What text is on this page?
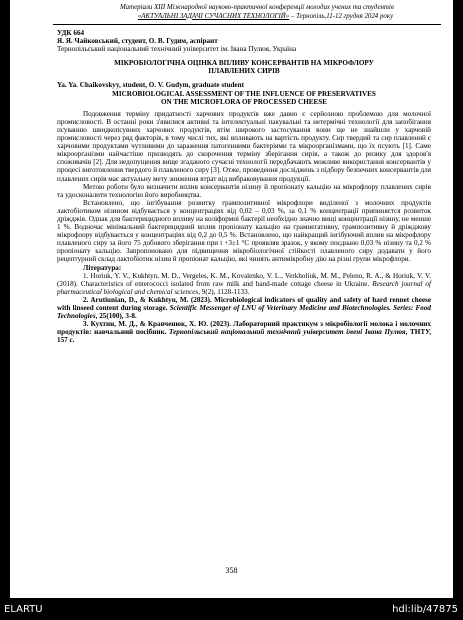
Матеріали XIII Міжнародної науково-практичної конференції молодих учених та студентів
«АКТУАЛЬНІ ЗАДАЧІ СУЧАСНИХ ТЕХНОЛОГІЙ» – Тернопіль,11-12 грудня 2024 року

УДК 664

Я. Я. Чайковський, студент, О. В. Гудим, аспірант

Тернопільський національний технічний університет ім. Івана Пулюя, Україна

МІКРОБІОЛОГІЧНА ОЦІНКА ВПЛИВУ КОНСЕРВАНТІВ НА МІКРОФЛОРУ

ПЛАВЛЕНИХ СИРІВ

Ya. Ya. Chaikovskyy, student, O. V. Gudym, graduate student

MICROBIOLOGICAL ASSESSMENT OF THE INFLUENCE OF PRESERVATIVES

ON THE MICROFLORA OF PROCESSED CHEESE

Подовження терміну придатності харчових продуктів вже давно є серйозною проблемою для молочної промисловості. В останні роки з'явилися активні та інтелектуальні пакувальні та нетермічні технології для запобігання псуванню швидкопсувних харчових продуктів, втім широкого застосування вони ще не знайшли у харчовій промисловості через ряд факторів, в тому числі тих, які впливають на вартість продукту. Сир твердий та сир плавлений є харчовими продуктами чутливими до зараження патогенними бактеріями та мікроорганізмами, що їх псують [1]. Саме мікроорганізми найчастіше призводять до скорочення терміну зберігання сирів, а також до ризику для здоров'я споживачів [2]. Для недопущення вище згаданого сучасні технології передбачають можливе використання консервантів у процесі виготовлення твердого й плавленого сиру [3]. Отже, проведення досліджень з підбору безпечних консервантів для плавлених сирів має актуальну мету зниження втрат від вибраковування продукції.

Метою роботи було визначити вплив консервантів нізину й пропіонату кальцію на мікрофлору плавлених сирів та удосконалити технологію його виробництва.

Встановлено, що інгібування розвитку грампозитивної мікрофлори виділеної з молочних продуктів лактобіотиком нізином відбувається у концентраціях від 0,02 – 0,03 %, за 0,1 % концентрації припиняєтся розвиток дріжджів. Однак для бактерицидного впливу на коліформні бактерії необхідно значно вищі концентрації нізину, не менше 1 %. Водночас мінімальний бактерицидний вплив пропіонату кальцію на грамнегативну, грампозитивну й дріжджову мікрофлору відбувається у концентраціях від 0,2 до 0,5 %. Встановлено, що найкращий інгібуючий вплив на мікрофлору плавленого сиру за його 75 добового зберігання при t +3±1 °C проявляв зразок, у якому поєднано 0,03 % нізину та 0,2 % пропіонату кальцію. Запропоновано для підвищення мікробіологічної стійкості плавленого сиру додавати у його рецептурний склад лактобіотик нізин й пропіонат кальцію, які чинять антимікробну дію на різні групи мікрофлори.

Література:

1. Horiuk, Y. V., Kukhtyn, M. D., Vergeles, K. M., Kovalenko, V. L., Verkholiuk, M. M., Peleno, R. A., & Horiuk, V. V. (2018). Characteristics of enterococci isolated from raw milk and hand-made cottage cheese in Ukraine. Research journal of pharmaceutical biological and chemical sciences, 9(2), 1128-1133.

2. Arutiunian, D., & Kukhtyn, M. (2023). Microbiological indicators of quality and safety of hard rennet cheese with linseed content during storage. Scientific Messenger of LNU of Veterinary Medicine and Biotechnologies. Series: Food Technologies, 25(100), 3-8.

3. Кухтин, М. Д., & Кравченюк, Х. Ю. (2023). Лабораторний практикум з мікробіології молока і молочних продуктів: навчальний посібник. Тернопільський національний технічний університет імені Івана Пулюя, ТНТУ, 157 с.

358
ELARTU	hdl:lib/47875
